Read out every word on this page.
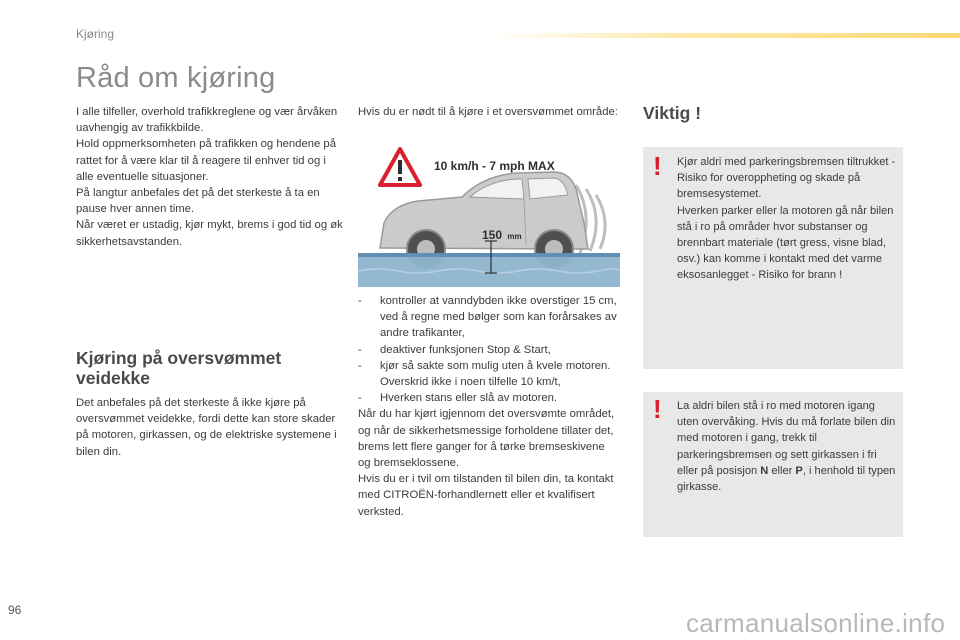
Kjøring
Råd om kjøring

I alle tilfeller, overhold trafikkreglene og vær årvåken uavhengig av trafikkbilde.

Hold oppmerksomheten på trafikken og hendene på rattet for å være klar til å reagere til enhver tid og i alle eventuelle situasjoner.

På langtur anbefales det på det sterkeste å ta en pause hver annen time.

Når været er ustadig, kjør mykt, brems i god tid og øk sikkerhetsavstanden.

Kjøring på oversvømmet veidekke

Det anbefales på det sterkeste å ikke kjøre på oversvømmet veidekke, fordi dette kan store skader på motoren, girkassen, og de elektriske systemene i bilen din.

Hvis du er nødt til å kjøre i et oversvømmet område:

150 mm
10 km/h - 7 mph MAX
- kontroller at vanndybden ikke overstiger 15 cm, ved å regne med bølger som kan forårsakes av andre trafikanter,
- deaktiver funksjonen Stop & Start,
- kjør så sakte som mulig uten å kvele motoren. Overskrid ikke i noen tilfelle 10 km/t,
- Hverken stans eller slå av motoren.

Når du har kjørt igjennom det oversvømte området, og når de sikkerhetsmessige forholdene tillater det, brems lett flere ganger for å tørke bremseskivene og bremseklossene.

Hvis du er i tvil om tilstanden til bilen din, ta kontakt med CITROËN-forhandlernett eller et kvalifisert verksted.

Viktig !
! Kjør aldri med parkeringsbremsen tiltrukket - Risiko for overoppheting og skade på bremsesystemet.

Hverken parker eller la motoren gå når bilen stå i ro på områder hvor substanser og brennbart materiale (tørt gress, visne blad, osv.) kan komme i kontakt med det varme eksosanlegget - Risiko for brann !

! La aldri bilen stå i ro med motoren igang uten overvåking. Hvis du må forlate bilen din med motoren i gang, trekk til parkeringsbremsen og sett girkassen i fri eller på posisjon N eller P, i henhold til typen girkasse.

96	carmanualsonline.info
